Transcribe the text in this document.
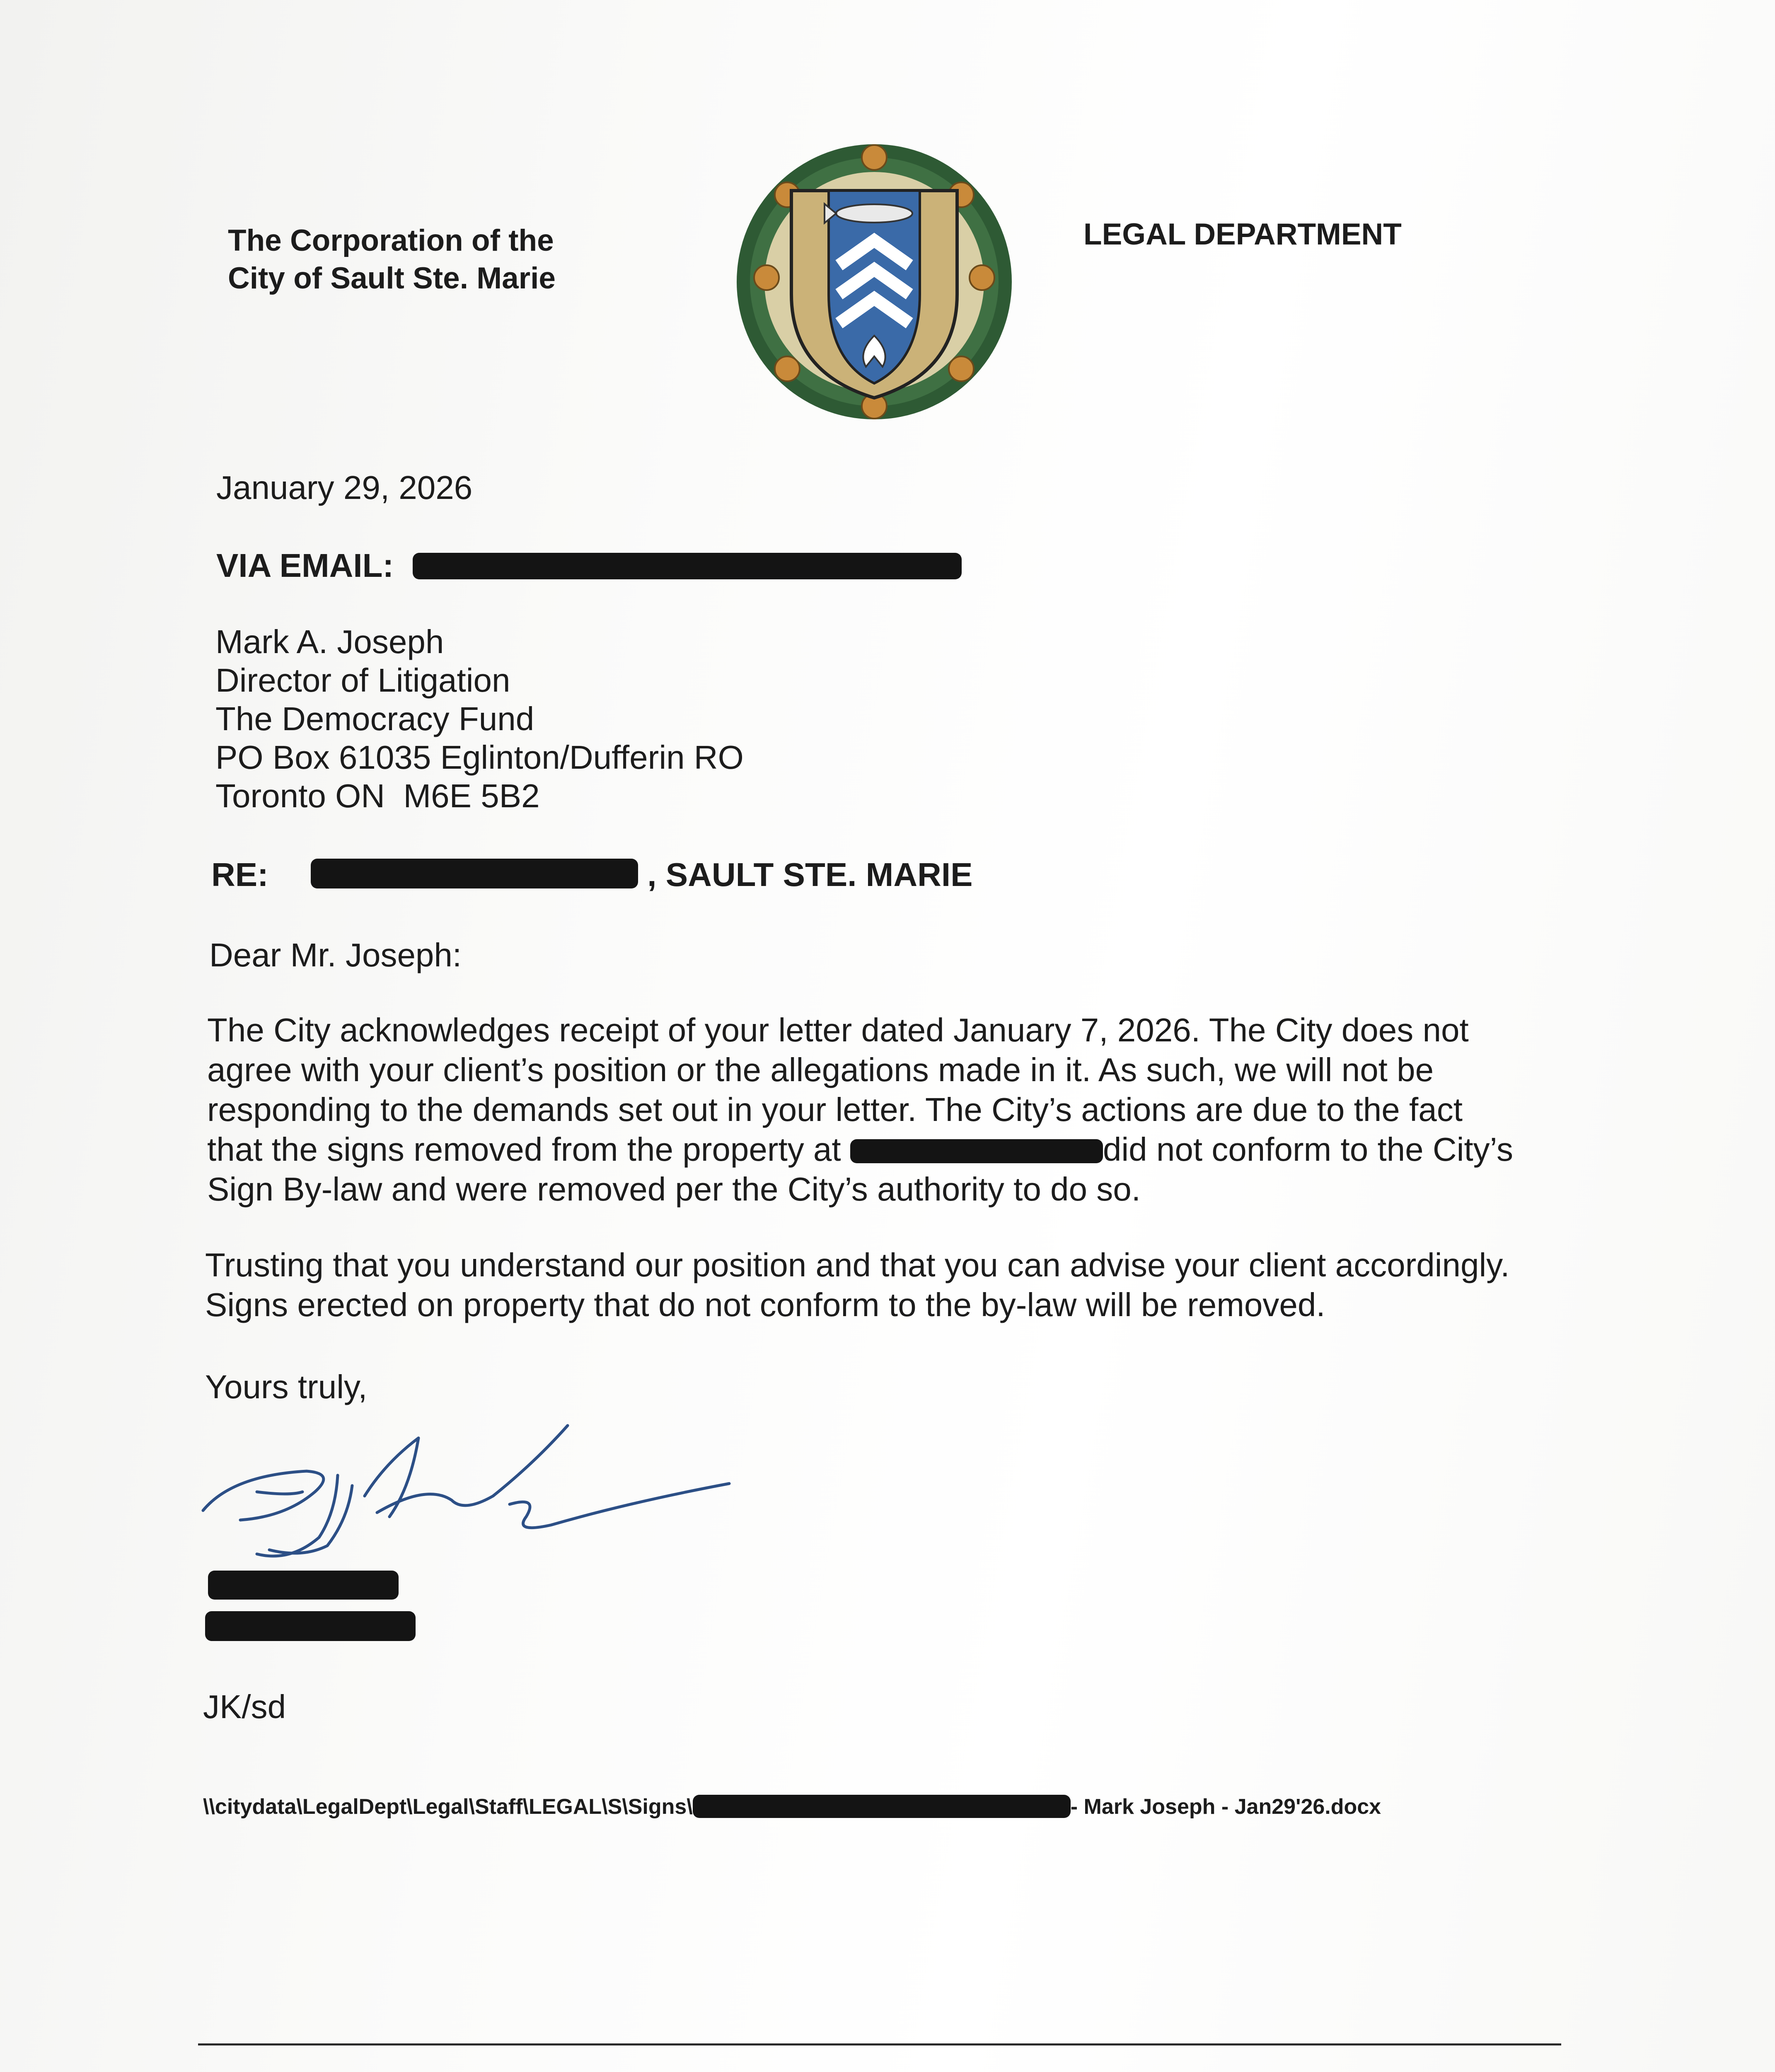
The Corporation of the
City of Sault Ste. Marie
LEGAL DEPARTMENT
January 29, 2026
VIA EMAIL:
Mark A. Joseph
Director of Litigation
The Democracy Fund
PO Box 61035 Eglinton/Dufferin RO
Toronto ON  M6E 5B2
RE:	, SAULT STE. MARIE
Dear Mr. Joseph:
The City acknowledges receipt of your letter dated January 7, 2026. The City does not
agree with your client’s position or the allegations made in it. As such, we will not be
responding to the demands set out in your letter. The City’s actions are due to the fact
that the signs removed from the property at	did not conform to the City’s
Sign By-law and were removed per the City’s authority to do so.
Trusting that you understand our position and that you can advise your client accordingly.
Signs erected on property that do not conform to the by-law will be removed.
Yours truly,
JK/sd
\\citydata\LegalDept\Legal\Staff\LEGAL\S\Signs\	- Mark Joseph - Jan29'26.docx
